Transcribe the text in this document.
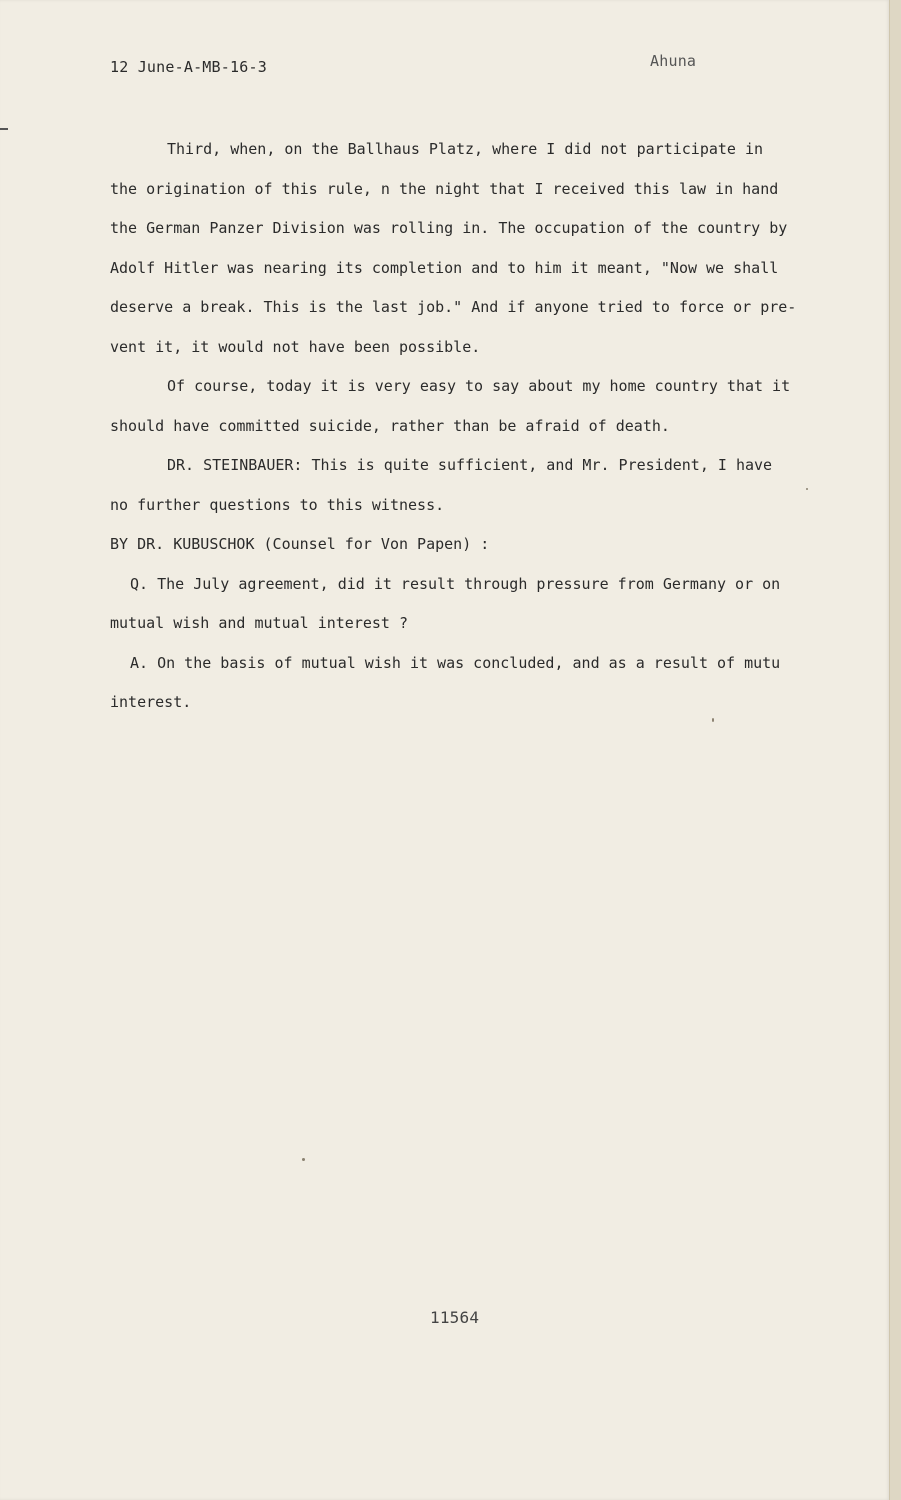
12 June-A-MB-16-3	Ahuna
Third, when, on the Ballhaus Platz, where I did not participate in
the origination of this rule, n the night that I received this law in hand
the German Panzer Division was rolling in. The occupation of the country by
Adolf Hitler was nearing its completion and to him it meant, "Now we shall
deserve a break. This is the last job." And if anyone tried to force or pre-
vent it, it would not have been possible.
Of course, today it is very easy to say about my home country that it
should have committed suicide, rather than be afraid of death.
DR. STEINBAUER: This is quite sufficient, and Mr. President, I have
no further questions to this witness.
BY DR. KUBUSCHOK (Counsel for Von Papen) :
Q. The July agreement, did it result through pressure from Germany or on
mutual wish and mutual interest ?
A. On the basis of mutual wish it was concluded, and as a result of mutu
interest.
11564
